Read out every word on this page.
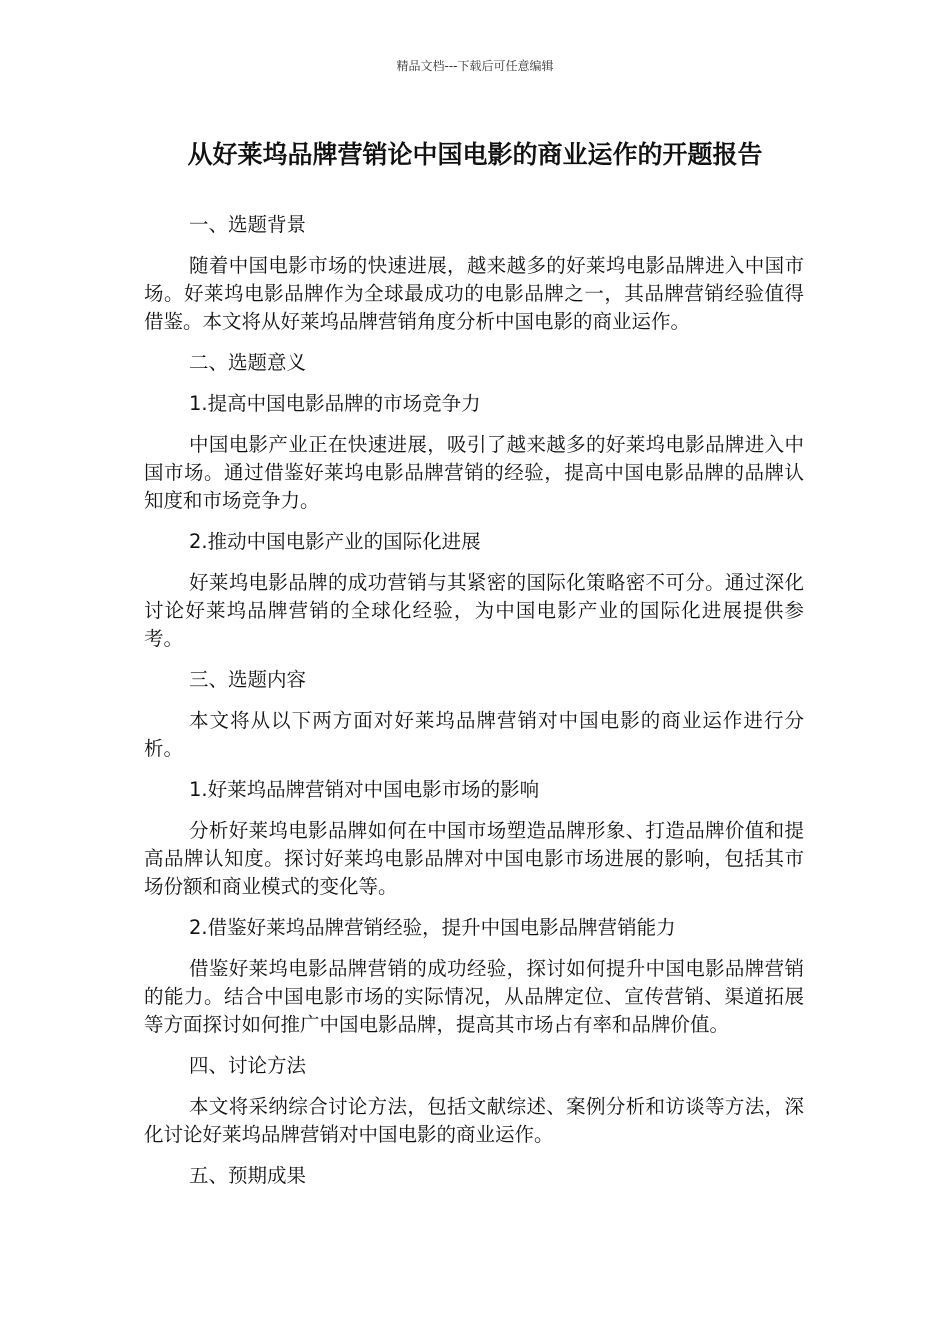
精品文档---下载后可任意编辑
从好莱坞品牌营销论中国电影的商业运作的开题报告

一、选题背景

随着中国电影市场的快速进展，越来越多的好莱坞电影品牌进入中国市场。好莱坞电影品牌作为全球最成功的电影品牌之一，其品牌营销经验值得借鉴。本文将从好莱坞品牌营销角度分析中国电影的商业运作。

二、选题意义

1.提高中国电影品牌的市场竞争力

中国电影产业正在快速进展，吸引了越来越多的好莱坞电影品牌进入中国市场。通过借鉴好莱坞电影品牌营销的经验，提高中国电影品牌的品牌认知度和市场竞争力。

2.推动中国电影产业的国际化进展

好莱坞电影品牌的成功营销与其紧密的国际化策略密不可分。通过深化讨论好莱坞品牌营销的全球化经验，为中国电影产业的国际化进展提供参考。

三、选题内容

本文将从以下两方面对好莱坞品牌营销对中国电影的商业运作进行分析。

1.好莱坞品牌营销对中国电影市场的影响

分析好莱坞电影品牌如何在中国市场塑造品牌形象、打造品牌价值和提高品牌认知度。探讨好莱坞电影品牌对中国电影市场进展的影响，包括其市场份额和商业模式的变化等。

2.借鉴好莱坞品牌营销经验，提升中国电影品牌营销能力

借鉴好莱坞电影品牌营销的成功经验，探讨如何提升中国电影品牌营销的能力。结合中国电影市场的实际情况，从品牌定位、宣传营销、渠道拓展等方面探讨如何推广中国电影品牌，提高其市场占有率和品牌价值。

四、讨论方法

本文将采纳综合讨论方法，包括文献综述、案例分析和访谈等方法，深化讨论好莱坞品牌营销对中国电影的商业运作。

五、预期成果
